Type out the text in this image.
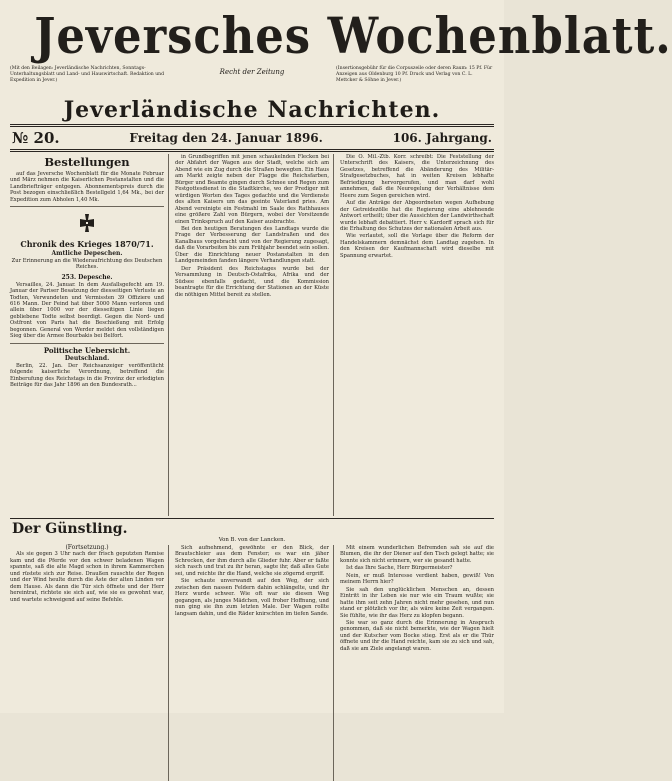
Jeversches Wochenblatt.
(Mit den Beilagen: Jeverländische Nachrichten, Sonntags-Unterhaltungsblatt und Land- und Hauswirtschaft. Redaktion und Expedition in Jever.)
Recht der Zeitung	(Insertionsgebühr für die Corpuszeile oder deren Raum: 15 Pf. Für Anzeigen aus Oldenburg 10 Pf. Druck und Verlag von C. L. Mettcker & Söhne in Jever.)
Jeverländische Nachrichten.
№ 20.	Freitag den 24. Januar 1896.	106. Jahrgang.
Bestellungen

auf das Jeversche Wochenblatt für die Monate Februar und März nehmen die Kaiserlichen Postanstalten und die Landbriefträger entgegen. Abonnementspreis durch die Post bezogen einschließlich Bestellgeld 1,64 Mk., bei der Expedition zum Abholen 1,40 Mk.

Chronik des Krieges 1870/71.
Amtliche Depeschen.
Zur Erinnerung an die Wiederaufrichtung des Deutschen Reiches.
253. Depesche.

Versailles, 24. Januar. In dem Ausfallsgefecht am 19. Januar der Pariser Besatzung der diesseitigen Verluste an Todten, Verwundeten und Vermissten 39 Offiziere und 616 Mann. Der Feind hat über 5000 Mann verloren und allein über 1000 vor der diesseitigen Linie liegen gebliebene Todte selbst beerdigt. Gegen die Nord- und Ostfront von Paris hat die Beschießung mit Erfolg begonnen. General von Werder meldet den vollständigen Sieg über die Armee Bourbakis bei Belfort.

Politische Uebersicht.
Deutschland.

Berlin, 22. Jan. Der Reichsanzeiger veröffentlicht folgende kaiserliche Verordnung, betreffend die Einberufung des Reichstags in die Provinz der erledigten Beiträge für das Jahr 1896 an den Bundesrath...

in Grundbegriffen mit jenen schaukelnden Flecken bei der Abfahrt der Wagen aus der Stadt, welche sich am Abend wie ein Zug durch die Straßen bewegten. Ein Haus am Markt zeigte neben der Flagge die Reichsfarben, Bürger und Beamte gingen durch Schnee und Regen zum Festgottesdienst in die Stadtkirche, wo der Prediger mit würdigen Worten des Tages gedachte und die Verdienste des alten Kaisers um das geeinte Vaterland pries. Am Abend vereinigte ein Festmahl im Saale des Rathhauses eine größere Zahl von Bürgern, wobei der Vorsitzende einen Trinkspruch auf den Kaiser ausbrachte.

Bei den heutigen Beratungen des Landtags wurde die Frage der Verbesserung der Landstraßen und des Kanalbaus vorgebracht und von der Regierung zugesagt, daß die Vorarbeiten bis zum Frühjahr beendet sein sollen. Über die Einrichtung neuer Postanstalten in den Landgemeinden fanden längere Verhandlungen statt.

Der Präsident des Reichstages wurde bei der Versammlung in Deutsch-Ostafrika, Afrika und der Südsee ebenfalls gedacht, und die Kommission beantragte für die Errichtung der Stationen an der Küste die nöthigen Mittel bereit zu stellen.

Die O. Mil.-Ztb. Korr. schreibt: Die Feststellung der Unterschrift des Kaisers, die Unterzeichnung des Gesetzes, betreffend die Abänderung des Militär-Strafgesetzbuches, hat in weiten Kreisen lebhafte Befriedigung hervorgerufen, und man darf wohl annehmen, daß die Neuregelung der Verhältnisse dem Heere zum Segen gereichen wird.

Auf die Anträge der Abgeordneten wegen Aufhebung der Getreidezölle hat die Regierung eine ablehnende Antwort ertheilt; über die Aussichten der Landwirthschaft wurde lebhaft debattiert. Herr v. Kardorff sprach sich für die Erhaltung des Schutzes der nationalen Arbeit aus.

Wie verlautet, soll die Vorlage über die Reform der Handelskammern demnächst dem Landtag zugehen. In den Kreisen der Kaufmannschaft wird dieselbe mit Spannung erwartet.

Der Günstling.
Von B. von der Lancken.
(Fortsetzung.)

Als sie gegen 3 Uhr nach der frisch geputzten Remise kam und die Pferde vor den schwer beladenen Wagen spannte, saß die alte Magd schon in ihrem Kammerchen und rüstete sich zur Reise. Draußen rauschte der Regen und der Wind heulte durch die Äste der alten Linden vor dem Hause. Als dann die Tür sich öffnete und der Herr hereintrat, richtete sie sich auf, wie sie es gewohnt war, und wartete schweigend auf seine Befehle.

Sich aufnehmend, gewöhnte er den Blick, der Brautschleier aus dem Fenster; es war ein jäher Schrecken, der ihm durch alle Glieder fuhr. Aber er faßte sich rasch und trat zu ihr heran, sagte ihr, daß alles Gute sei, und reichte ihr die Hand, welche sie zögernd ergriff.

Sie schaute unverwandt auf den Weg, der sich zwischen den nassen Feldern dahin schlängelte, und ihr Herz wurde schwer. Wie oft war sie diesen Weg gegangen, als junges Mädchen, voll froher Hoffnung, und nun ging sie ihn zum letzten Male. Der Wagen rollte langsam dahin, und die Räder knirschten im tiefen Sande.

Mit einem wunderlichen Befremden sah sie auf die Blumen, die ihr der Diener auf den Tisch gelegt hatte; sie konnte sich nicht erinnern, wer sie gesandt hatte.

Ist das Ihre Sache, Herr Bürgermeister?

Nein, er muß Interesse verdient haben, gewiß! Von meinem Herrn hier?

Sie sah den unglücklichen Menschen an, dessen Eintritt in ihr Leben sie nur wie ein Traum wußte; sie hatte ihm seit zehn Jahren nicht mehr gesehen, und nun stand er plötzlich vor ihr, als wäre keine Zeit vergangen. Sie fühlte, wie ihr das Herz zu klopfen begann.

Sie war so ganz durch die Erinnerung in Anspruch genommen, daß sie nicht bemerkte, wie der Wagen hielt und der Kutscher vom Bocke stieg. Erst als er die Thür öffnete und ihr die Hand reichte, kam sie zu sich und sah, daß sie am Ziele angelangt waren.
